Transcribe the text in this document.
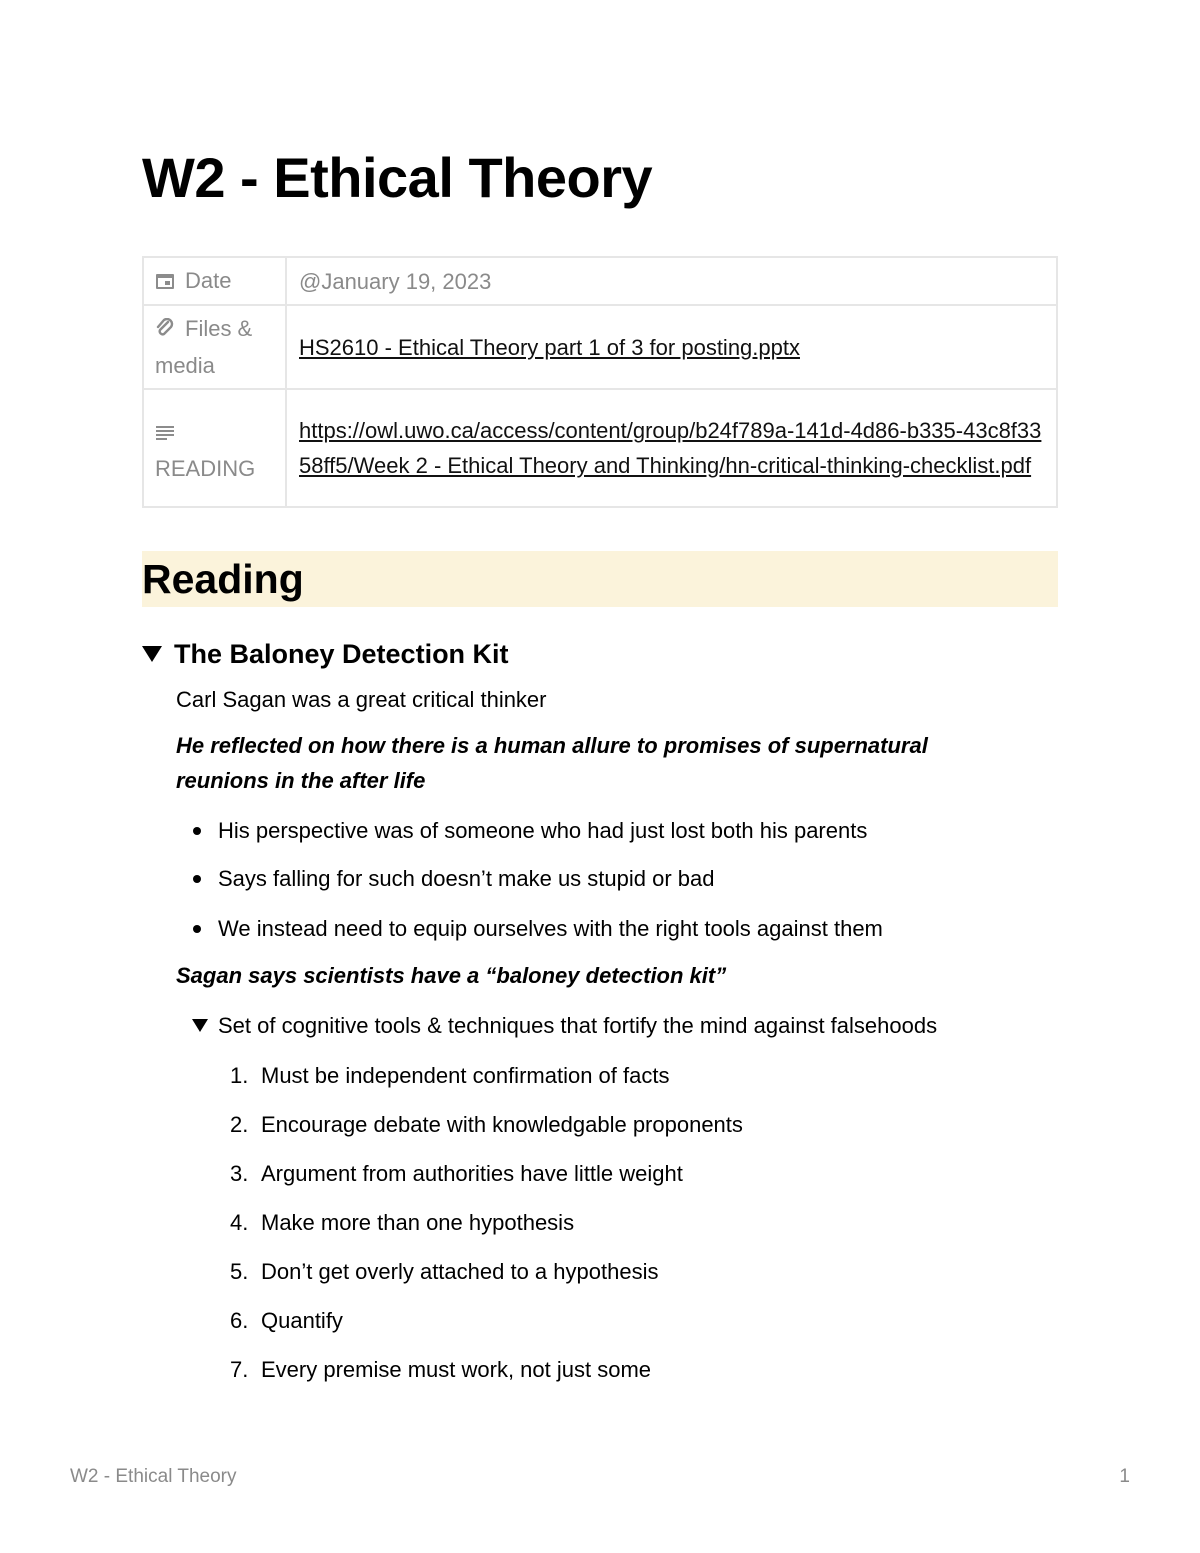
W2 - Ethical Theory
Date	@January 19, 2023
Files & media	HS2610 - Ethical Theory part 1 of 3 for posting.pptx

READING	https://owl.uwo.ca/access/content/group/b24f789a-141d-4d86-b335-43c8f3358ff5/Week 2 - Ethical Theory and Thinking/hn-critical-thinking-checklist.pdf
Reading
The Baloney Detection Kit

Carl Sagan was a great critical thinker

He reflected on how there is a human allure to promises of supernatural reunions in the after life

His perspective was of someone who had just lost both his parents
Says falling for such doesn’t make us stupid or bad
We instead need to equip ourselves with the right tools against them

Sagan says scientists have a “baloney detection kit”

Set of cognitive tools & techniques that fortify the mind against falsehoods
1. Must be independent confirmation of facts
2. Encourage debate with knowledgable proponents
3. Argument from authorities have little weight
4. Make more than one hypothesis
5. Don’t get overly attached to a hypothesis
6. Quantify
7. Every premise must work, not just some
W2 - Ethical Theory	1
